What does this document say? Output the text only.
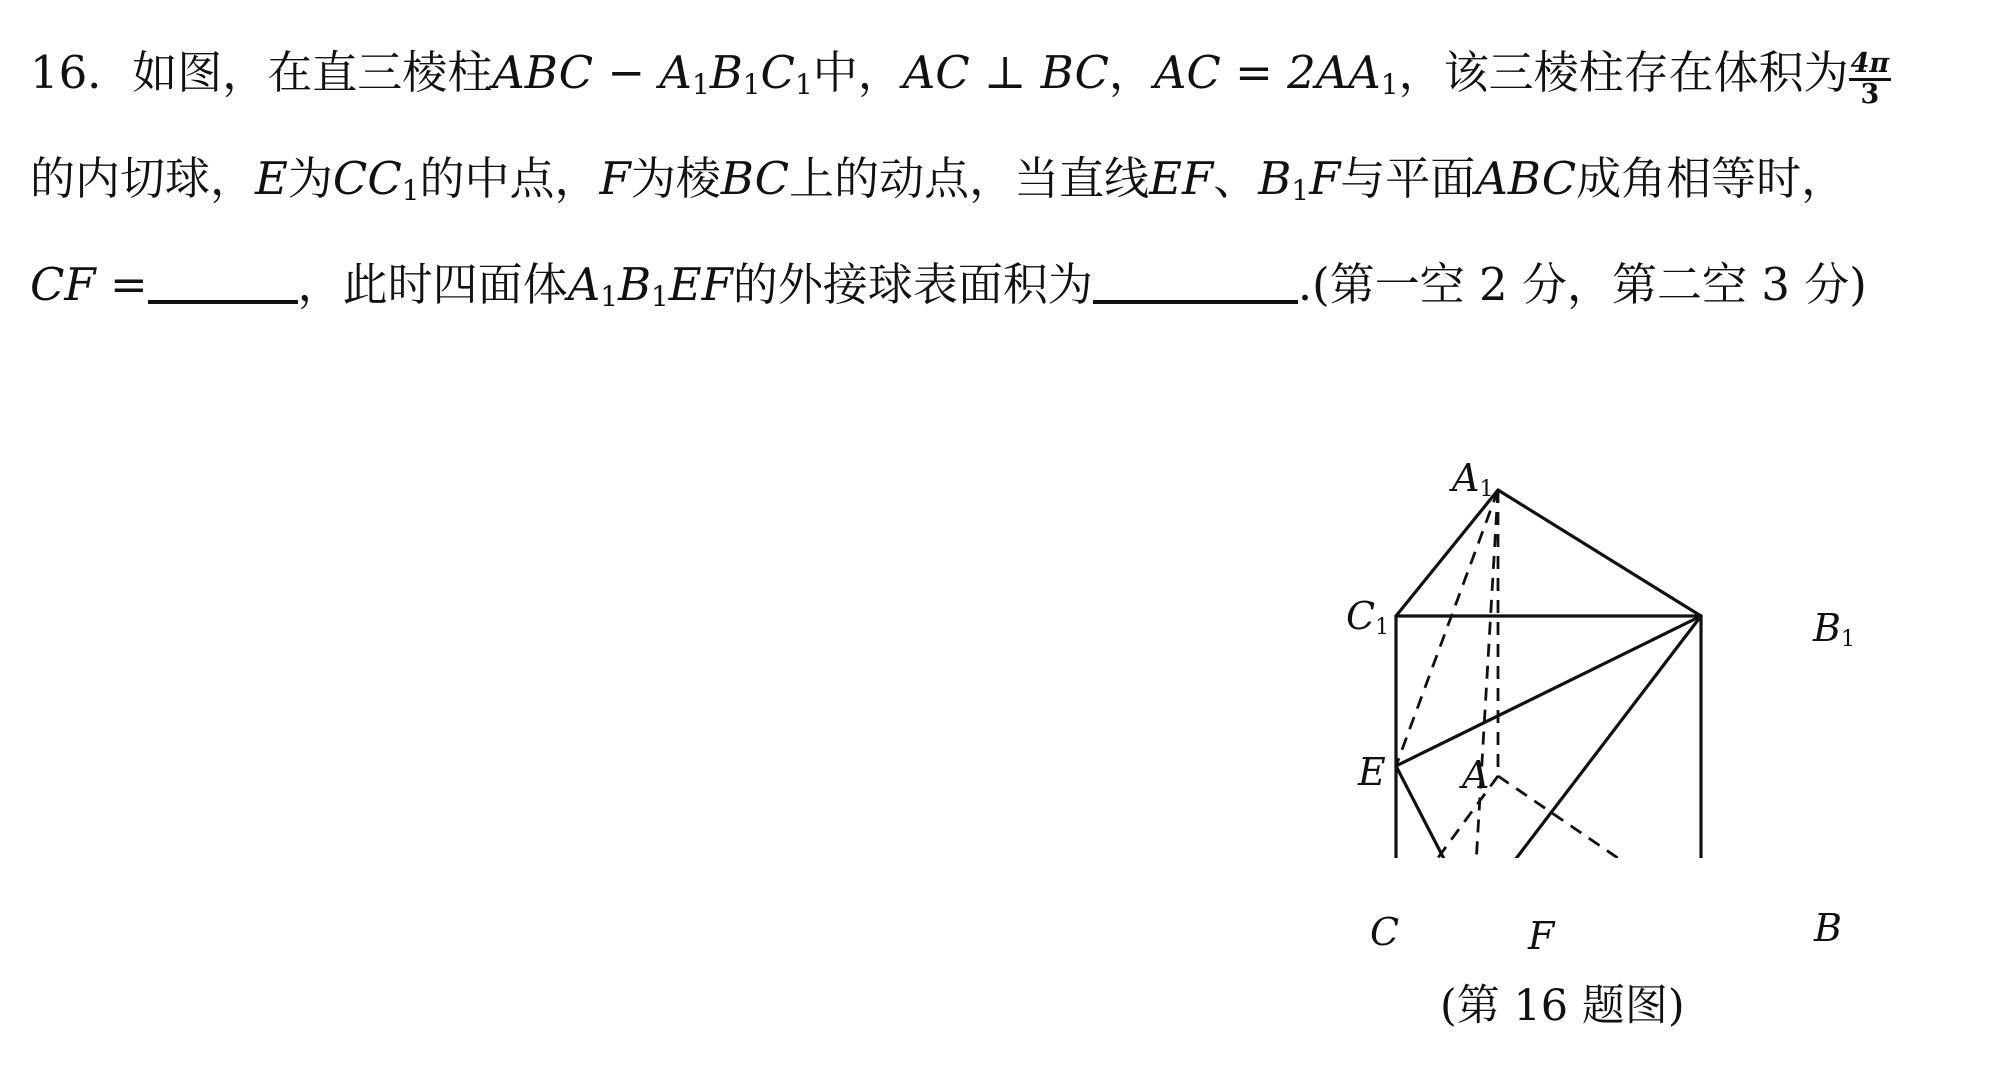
16．如图，在直三棱柱ABC − $A_1B_1C_1$中，AC ⊥ BC，AC = $2AA_1$，该三棱柱存在体积为 $\frac{4\pi}{3}$
的内切球，E为$CC_1$的中点，F为棱BC上的动点，当直线EF、$B_1F$与平面ABC成角相等时，
CF =	，此时四面体$A_1B_1EF$的外接球表面积为	.(第一空 2 分，第二空 3 分)
$A_1$
$C_1$	$B_1$
E A
C	F	B
(第 16 题图)
